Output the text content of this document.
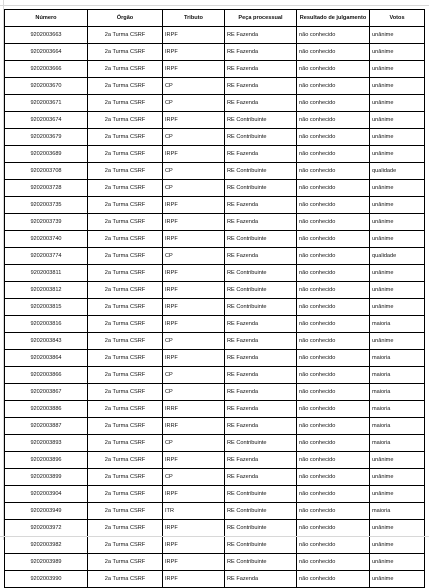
Número	Órgão	Tributo	Peça processual	Resultado de julgamento	Votos
9202003663	2a Turma CSRF	IRPF	RE Fazenda	não conhecido	unânime
9202003664	2a Turma CSRF	IRPF	RE Fazenda	não conhecido	unânime
9202003666	2a Turma CSRF	IRPF	RE Fazenda	não conhecido	unânime
9202003670	2a Turma CSRF	CP	RE Fazenda	não conhecido	unânime
9202003671	2a Turma CSRF	CP	RE Fazenda	não conhecido	unânime
9202003674	2a Turma CSRF	IRPF	RE Contribuinte	não conhecido	unânime
9202003679	2a Turma CSRF	CP	RE Contribuinte	não conhecido	unânime
9202003689	2a Turma CSRF	IRPF	RE Fazenda	não conhecido	unânime
9202003708	2a Turma CSRF	CP	RE Contribuinte	não conhecido	qualidade
9202003728	2a Turma CSRF	CP	RE Contribuinte	não conhecido	unânime
9202003735	2a Turma CSRF	IRPF	RE Fazenda	não conhecido	unânime
9202003739	2a Turma CSRF	IRPF	RE Fazenda	não conhecido	unânime
9202003740	2a Turma CSRF	IRPF	RE Contribuinte	não conhecido	unânime
9202003774	2a Turma CSRF	CP	RE Fazenda	não conhecido	qualidade
9202003811	2a Turma CSRF	IRPF	RE Contribuinte	não conhecido	unânime
9202003812	2a Turma CSRF	IRPF	RE Contribuinte	não conhecido	unânime
9202003815	2a Turma CSRF	IRPF	RE Contribuinte	não conhecido	unânime
9202003816	2a Turma CSRF	IRPF	RE Fazenda	não conhecido	maioria
9202003843	2a Turma CSRF	CP	RE Fazenda	não conhecido	unânime
9202003864	2a Turma CSRF	IRPF	RE Fazenda	não conhecido	maioria
9202003866	2a Turma CSRF	CP	RE Fazenda	não conhecido	maioria
9202003867	2a Turma CSRF	CP	RE Fazenda	não conhecido	maioria
9202003886	2a Turma CSRF	IRRF	RE Fazenda	não conhecido	maioria
9202003887	2a Turma CSRF	IRRF	RE Fazenda	não conhecido	maioria
9202003893	2a Turma CSRF	CP	RE Contribuinte	não conhecido	maioria
9202003896	2a Turma CSRF	IRPF	RE Fazenda	não conhecido	unânime
9202003899	2a Turma CSRF	CP	RE Fazenda	não conhecido	unânime
9202003904	2a Turma CSRF	IRPF	RE Contribuinte	não conhecido	unânime
9202003949	2a Turma CSRF	ITR	RE Contribuinte	não conhecido	maioria
9202003972	2a Turma CSRF	IRPF	RE Contribuinte	não conhecido	unânime
9202003982	2a Turma CSRF	IRPF	RE Contribuinte	não conhecido	unânime
9202003989	2a Turma CSRF	IRPF	RE Contribuinte	não conhecido	unânime
9202003990	2a Turma CSRF	IRPF	RE Fazenda	não conhecido	unânime
